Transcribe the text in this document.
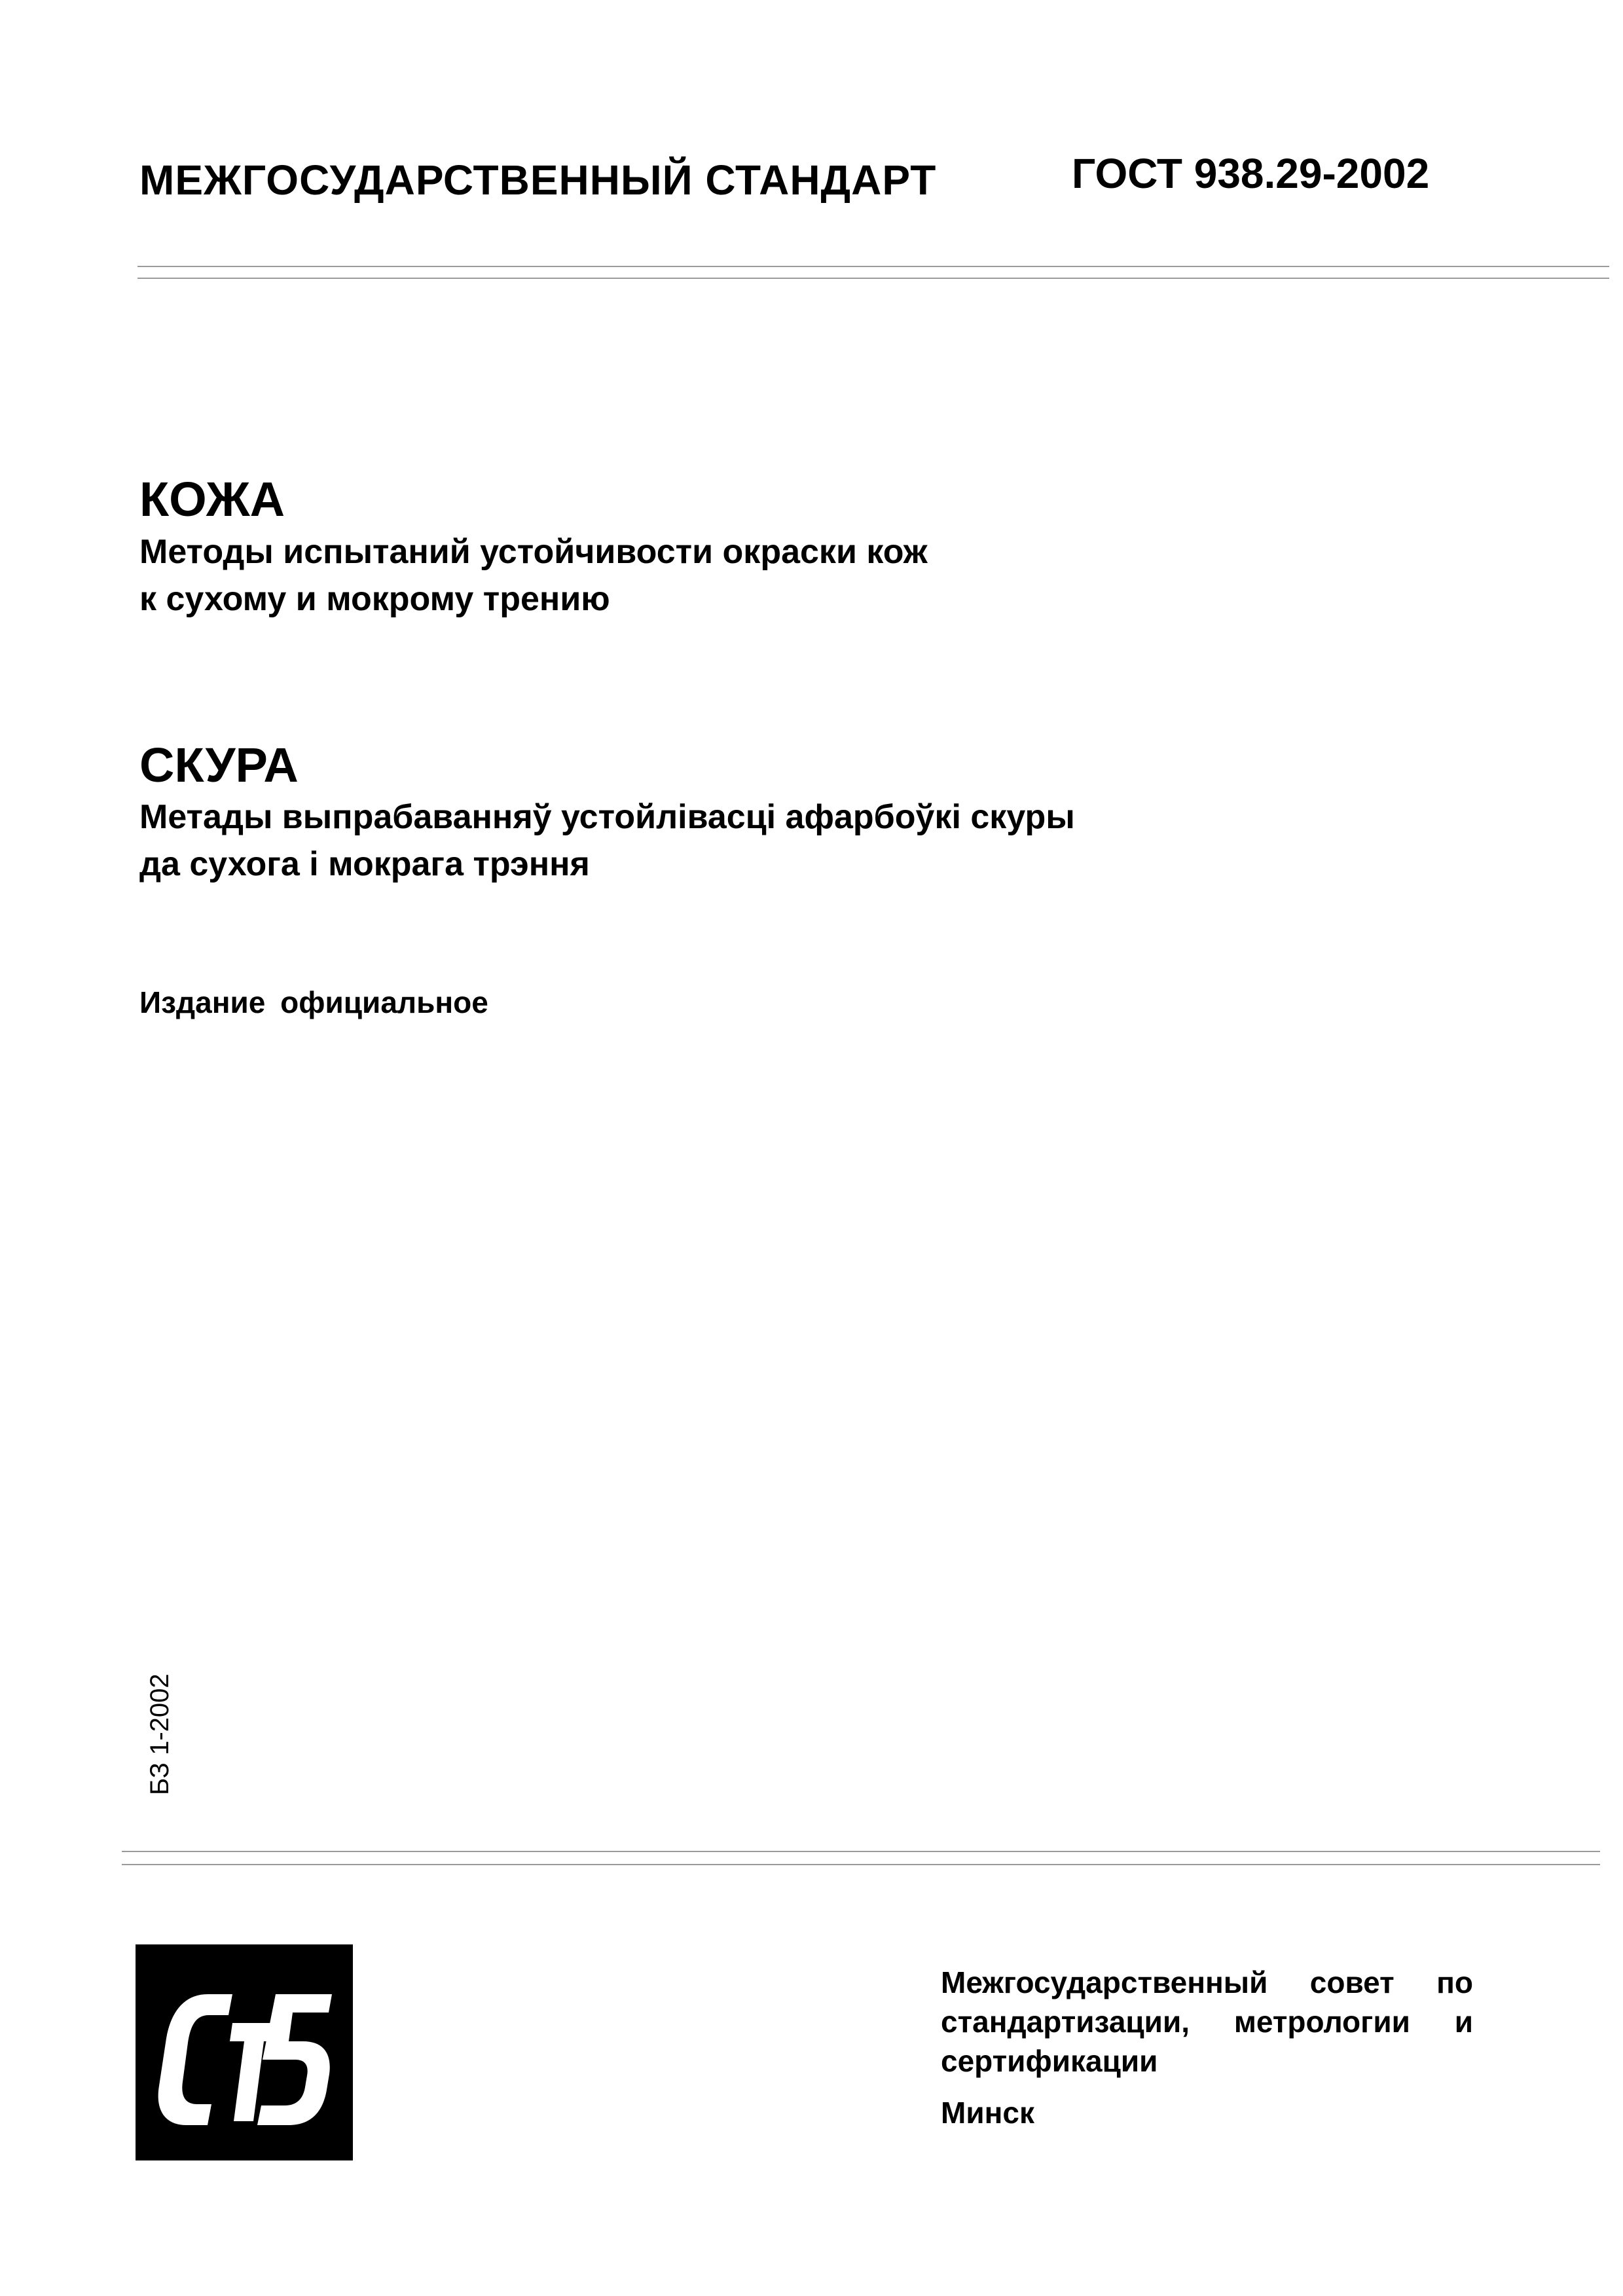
МЕЖГОСУДАРСТВЕННЫЙ СТАНДАРТ	ГОСТ 938.29-2002
КОЖА
Методы испытаний устойчивости окраски кож
к сухому и мокрому трению
СКУРА
Метады выпрабаванняў устойлівасці афарбоўкі скуры
да сухога і мокрага трэння
Издание официальное
БЗ 1-2002
Межгосударственный совет по
стандартизации, метрологии и
сертификации
Минск
